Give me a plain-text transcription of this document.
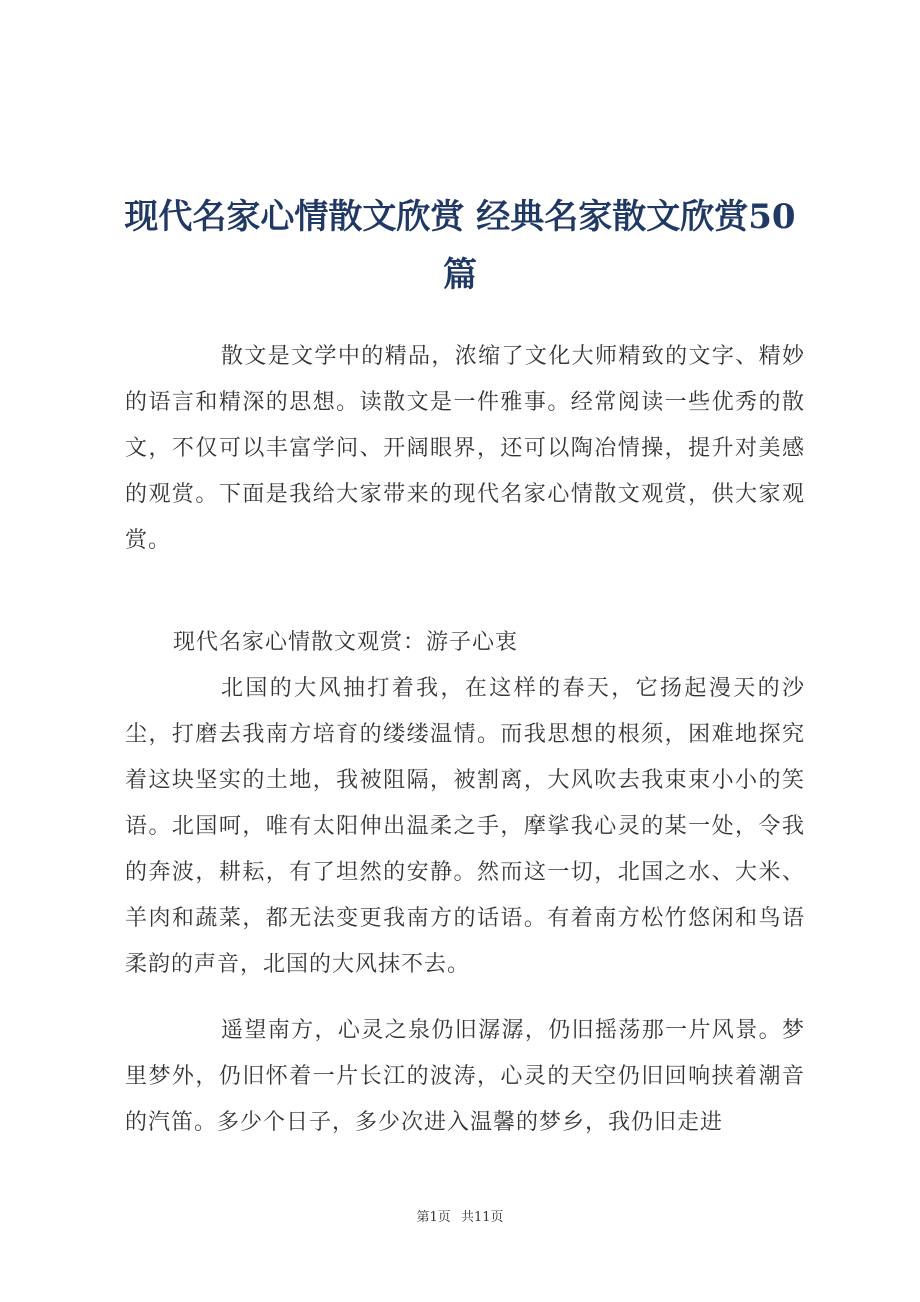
现代名家心情散文欣赏 经典名家散文欣赏50篇

散文是文学中的精品，浓缩了文化大师精致的文字、精妙的语言和精深的思想。读散文是一件雅事。经常阅读一些优秀的散文，不仅可以丰富学问、开阔眼界，还可以陶冶情操，提升对美感的观赏。下面是我给大家带来的现代名家心情散文观赏，供大家观赏。

现代名家心情散文观赏：游子心衷

北国的大风抽打着我，在这样的春天，它扬起漫天的沙尘，打磨去我南方培育的缕缕温情。而我思想的根须，困难地探究着这块坚实的土地，我被阻隔，被割离，大风吹去我束束小小的笑语。北国呵，唯有太阳伸出温柔之手，摩挲我心灵的某一处，令我的奔波，耕耘，有了坦然的安静。然而这一切，北国之水、大米、羊肉和蔬菜，都无法变更我南方的话语。有着南方松竹悠闲和鸟语柔韵的声音，北国的大风抹不去。

遥望南方，心灵之泉仍旧潺潺，仍旧摇荡那一片风景。梦里梦外，仍旧怀着一片长江的波涛，心灵的天空仍旧回响挟着潮音的汽笛。多少个日子，多少次进入温馨的梦乡，我仍旧走进

第1页 共11页
